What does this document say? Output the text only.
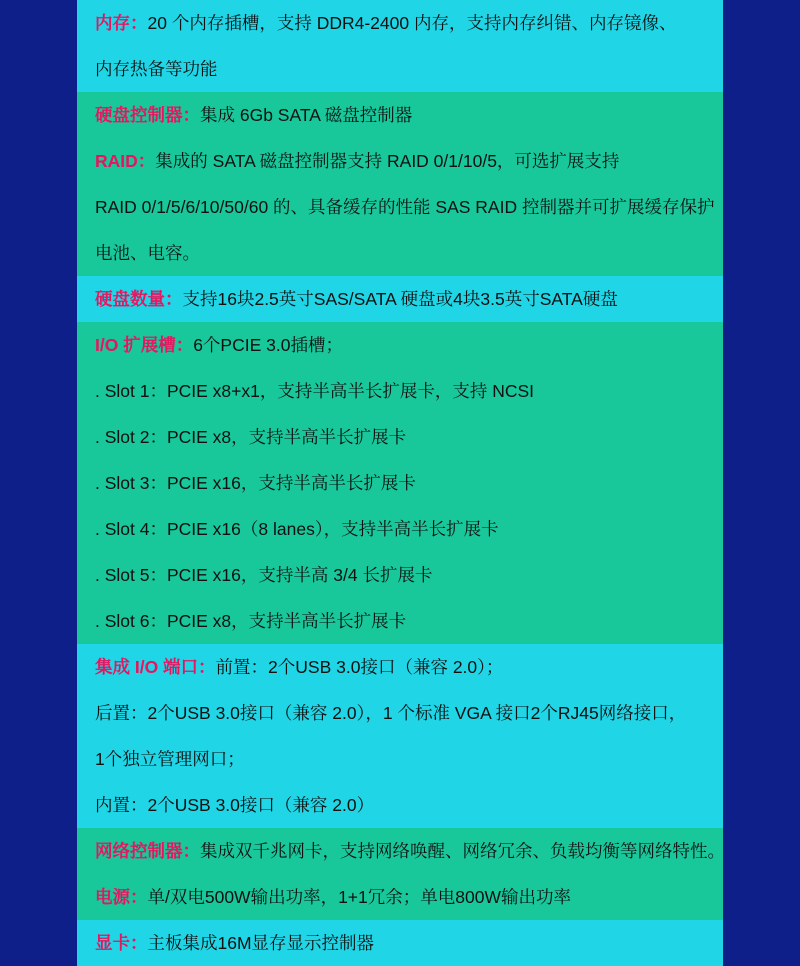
内存：20 个内存插槽，支持 DDR4-2400 内存，支持内存纠错、内存镜像、
内存热备等功能
硬盘控制器：集成 6Gb SATA 磁盘控制器
RAID：集成的 SATA 磁盘控制器支持 RAID 0/1/10/5，可选扩展支持
RAID 0/1/5/6/10/50/60 的、具备缓存的性能 SAS RAID 控制器并可扩展缓存保护
电池、电容。
硬盘数量：支持16块2.5英寸SAS/SATA 硬盘或4块3.5英寸SATA硬盘
I/O 扩展槽：6个PCIE 3.0插槽；
. Slot 1：PCIE x8+x1，支持半高半长扩展卡，支持 NCSI
. Slot 2：PCIE x8，支持半高半长扩展卡
. Slot 3：PCIE x16，支持半高半长扩展卡
. Slot 4：PCIE x16（8 lanes），支持半高半长扩展卡
. Slot 5：PCIE x16，支持半高 3/4 长扩展卡
. Slot 6：PCIE x8，支持半高半长扩展卡
集成 I/O 端口：前置：2个USB 3.0接口（兼容 2.0）；
后置：2个USB 3.0接口（兼容 2.0），1 个标准 VGA 接口2个RJ45网络接口，
1个独立管理网口；
内置：2个USB 3.0接口（兼容 2.0）
网络控制器：集成双千兆网卡，支持网络唤醒、网络冗余、负载均衡等网络特性。
电源：单/双电500W输出功率，1+1冗余；单电800W输出功率
显卡：主板集成16M显存显示控制器
